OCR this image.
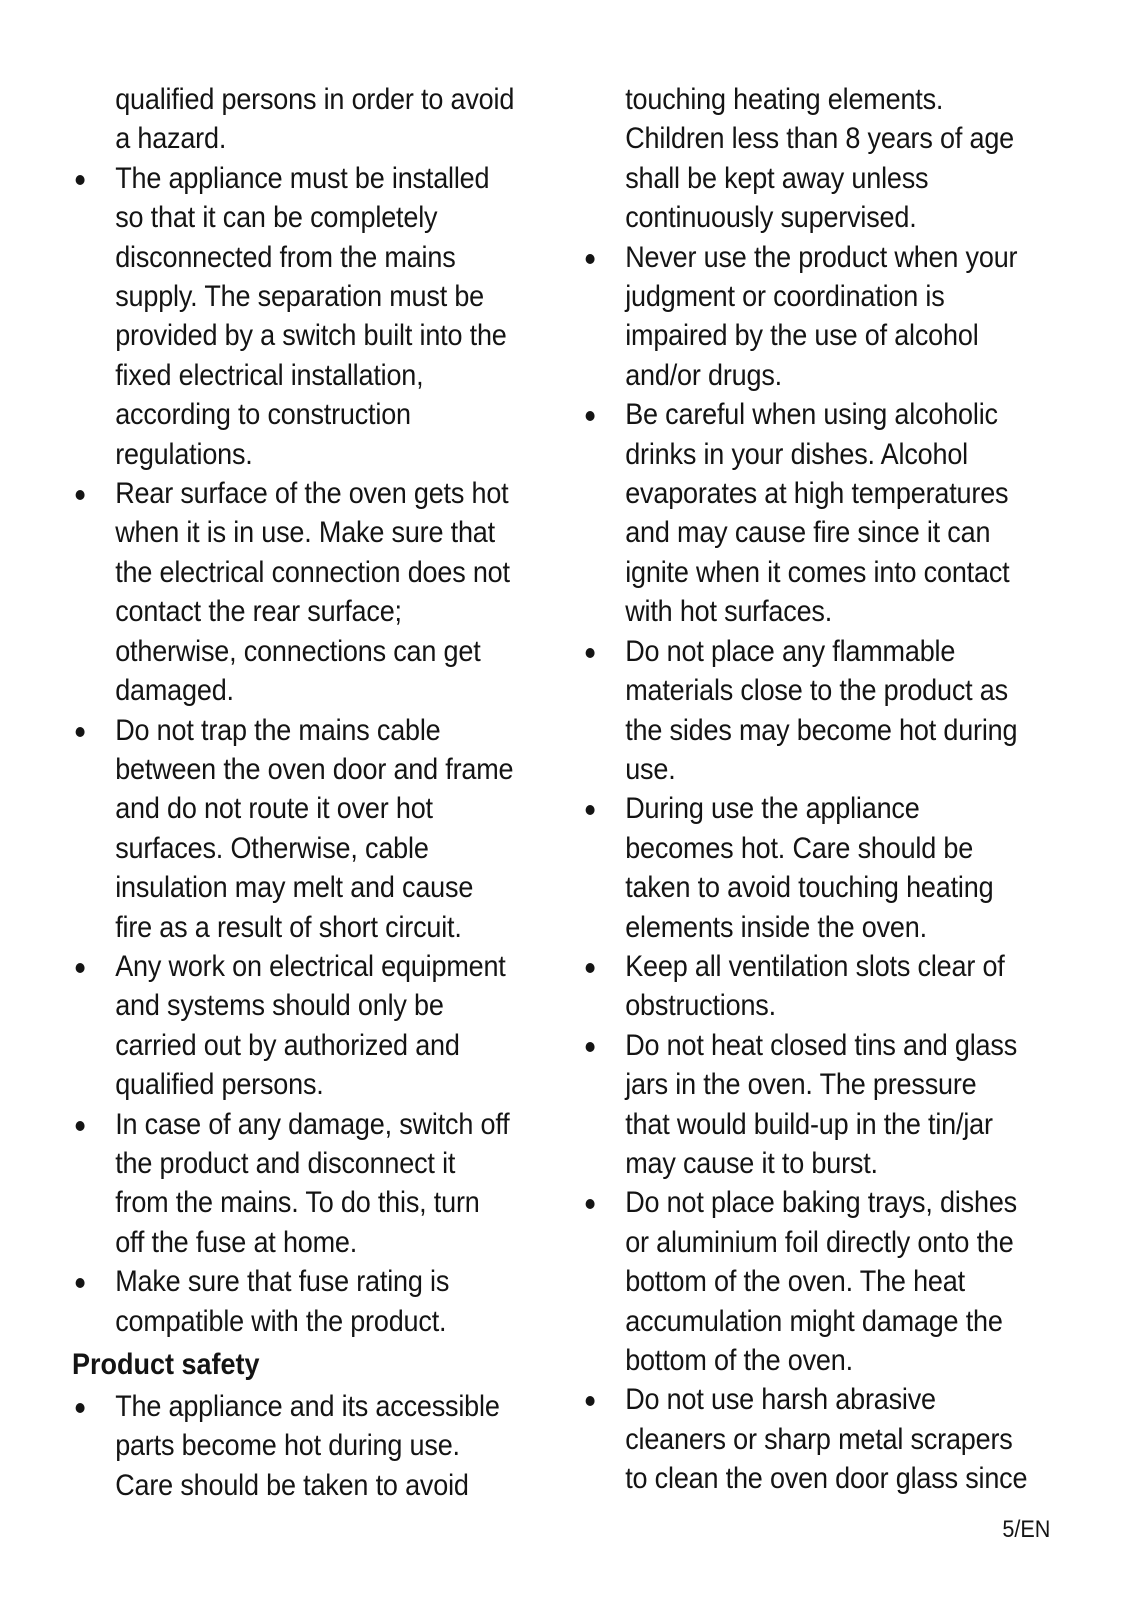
qualified persons in order to avoid
a hazard.
The appliance must be installed
so that it can be completely
disconnected from the mains
supply. The separation must be
provided by a switch built into the
fixed electrical installation,
according to construction
regulations.
Rear surface of the oven gets hot
when it is in use. Make sure that
the electrical connection does not
contact the rear surface;
otherwise, connections can get
damaged.
Do not trap the mains cable
between the oven door and frame
and do not route it over hot
surfaces. Otherwise, cable
insulation may melt and cause
fire as a result of short circuit.
Any work on electrical equipment
and systems should only be
carried out by authorized and
qualified persons.
In case of any damage, switch off
the product and disconnect it
from the mains. To do this, turn
off the fuse at home.
Make sure that fuse rating is
compatible with the product.
Product safety
The appliance and its accessible
parts become hot during use.
Care should be taken to avoid
touching heating elements.
Children less than 8 years of age
shall be kept away unless
continuously supervised.
Never use the product when your
judgment or coordination is
impaired by the use of alcohol
and/or drugs.
Be careful when using alcoholic
drinks in your dishes. Alcohol
evaporates at high temperatures
and may cause fire since it can
ignite when it comes into contact
with hot surfaces.
Do not place any flammable
materials close to the product as
the sides may become hot during
use.
During use the appliance
becomes hot. Care should be
taken to avoid touching heating
elements inside the oven.
Keep all ventilation slots clear of
obstructions.
Do not heat closed tins and glass
jars in the oven. The pressure
that would build-up in the tin/jar
may cause it to burst.
Do not place baking trays, dishes
or aluminium foil directly onto the
bottom of the oven. The heat
accumulation might damage the
bottom of the oven.
Do not use harsh abrasive
cleaners or sharp metal scrapers
to clean the oven door glass since
5/EN
